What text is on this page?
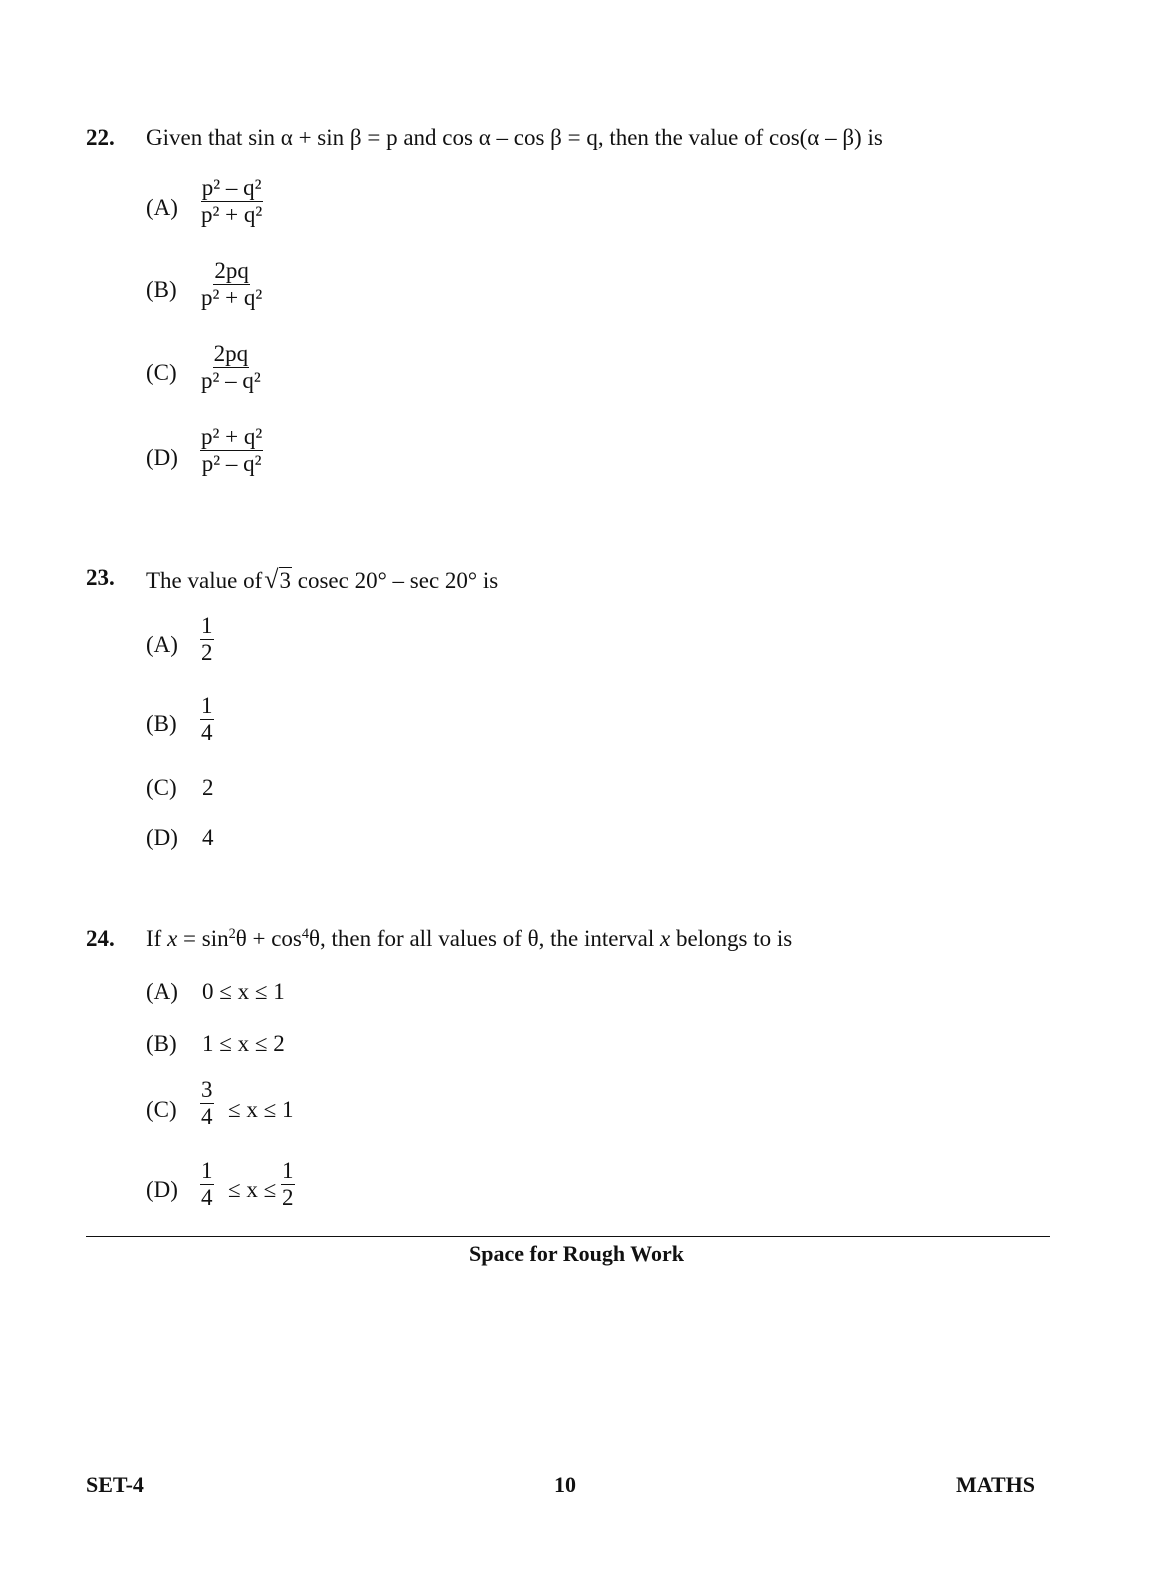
22. Given that sin α + sin β = p and cos α – cos β = q, then the value of cos(α – β) is
$(A) \frac{\text{p² – q²}}{\text{p² + q²}}$
$(B) \frac{2pq}{\text{p² + q²}}$
$(C) \frac{2pq}{\text{p² – q²}}$
$(D) \frac{\text{p² + q²}}{\text{p² – q²}}$
23. The value of√3 cosec 20° – sec 20° is
$(A) \frac{1}{2}$
$(B) \frac{1}{4}$
(C) 2
(D) 4
24. If $x = \sin^2\theta + \cos^4\theta$, then for all values of θ, the interval x belongs to is
(A) 0 ≤ x ≤ 1
(B) 1 ≤ x ≤ 2
$(C) \frac{3}{4} \le x \le 1$
$(D) \frac{1}{4} \le x \le \frac{1}{2}$
Space for Rough Work
SET-4	10	MATHS
